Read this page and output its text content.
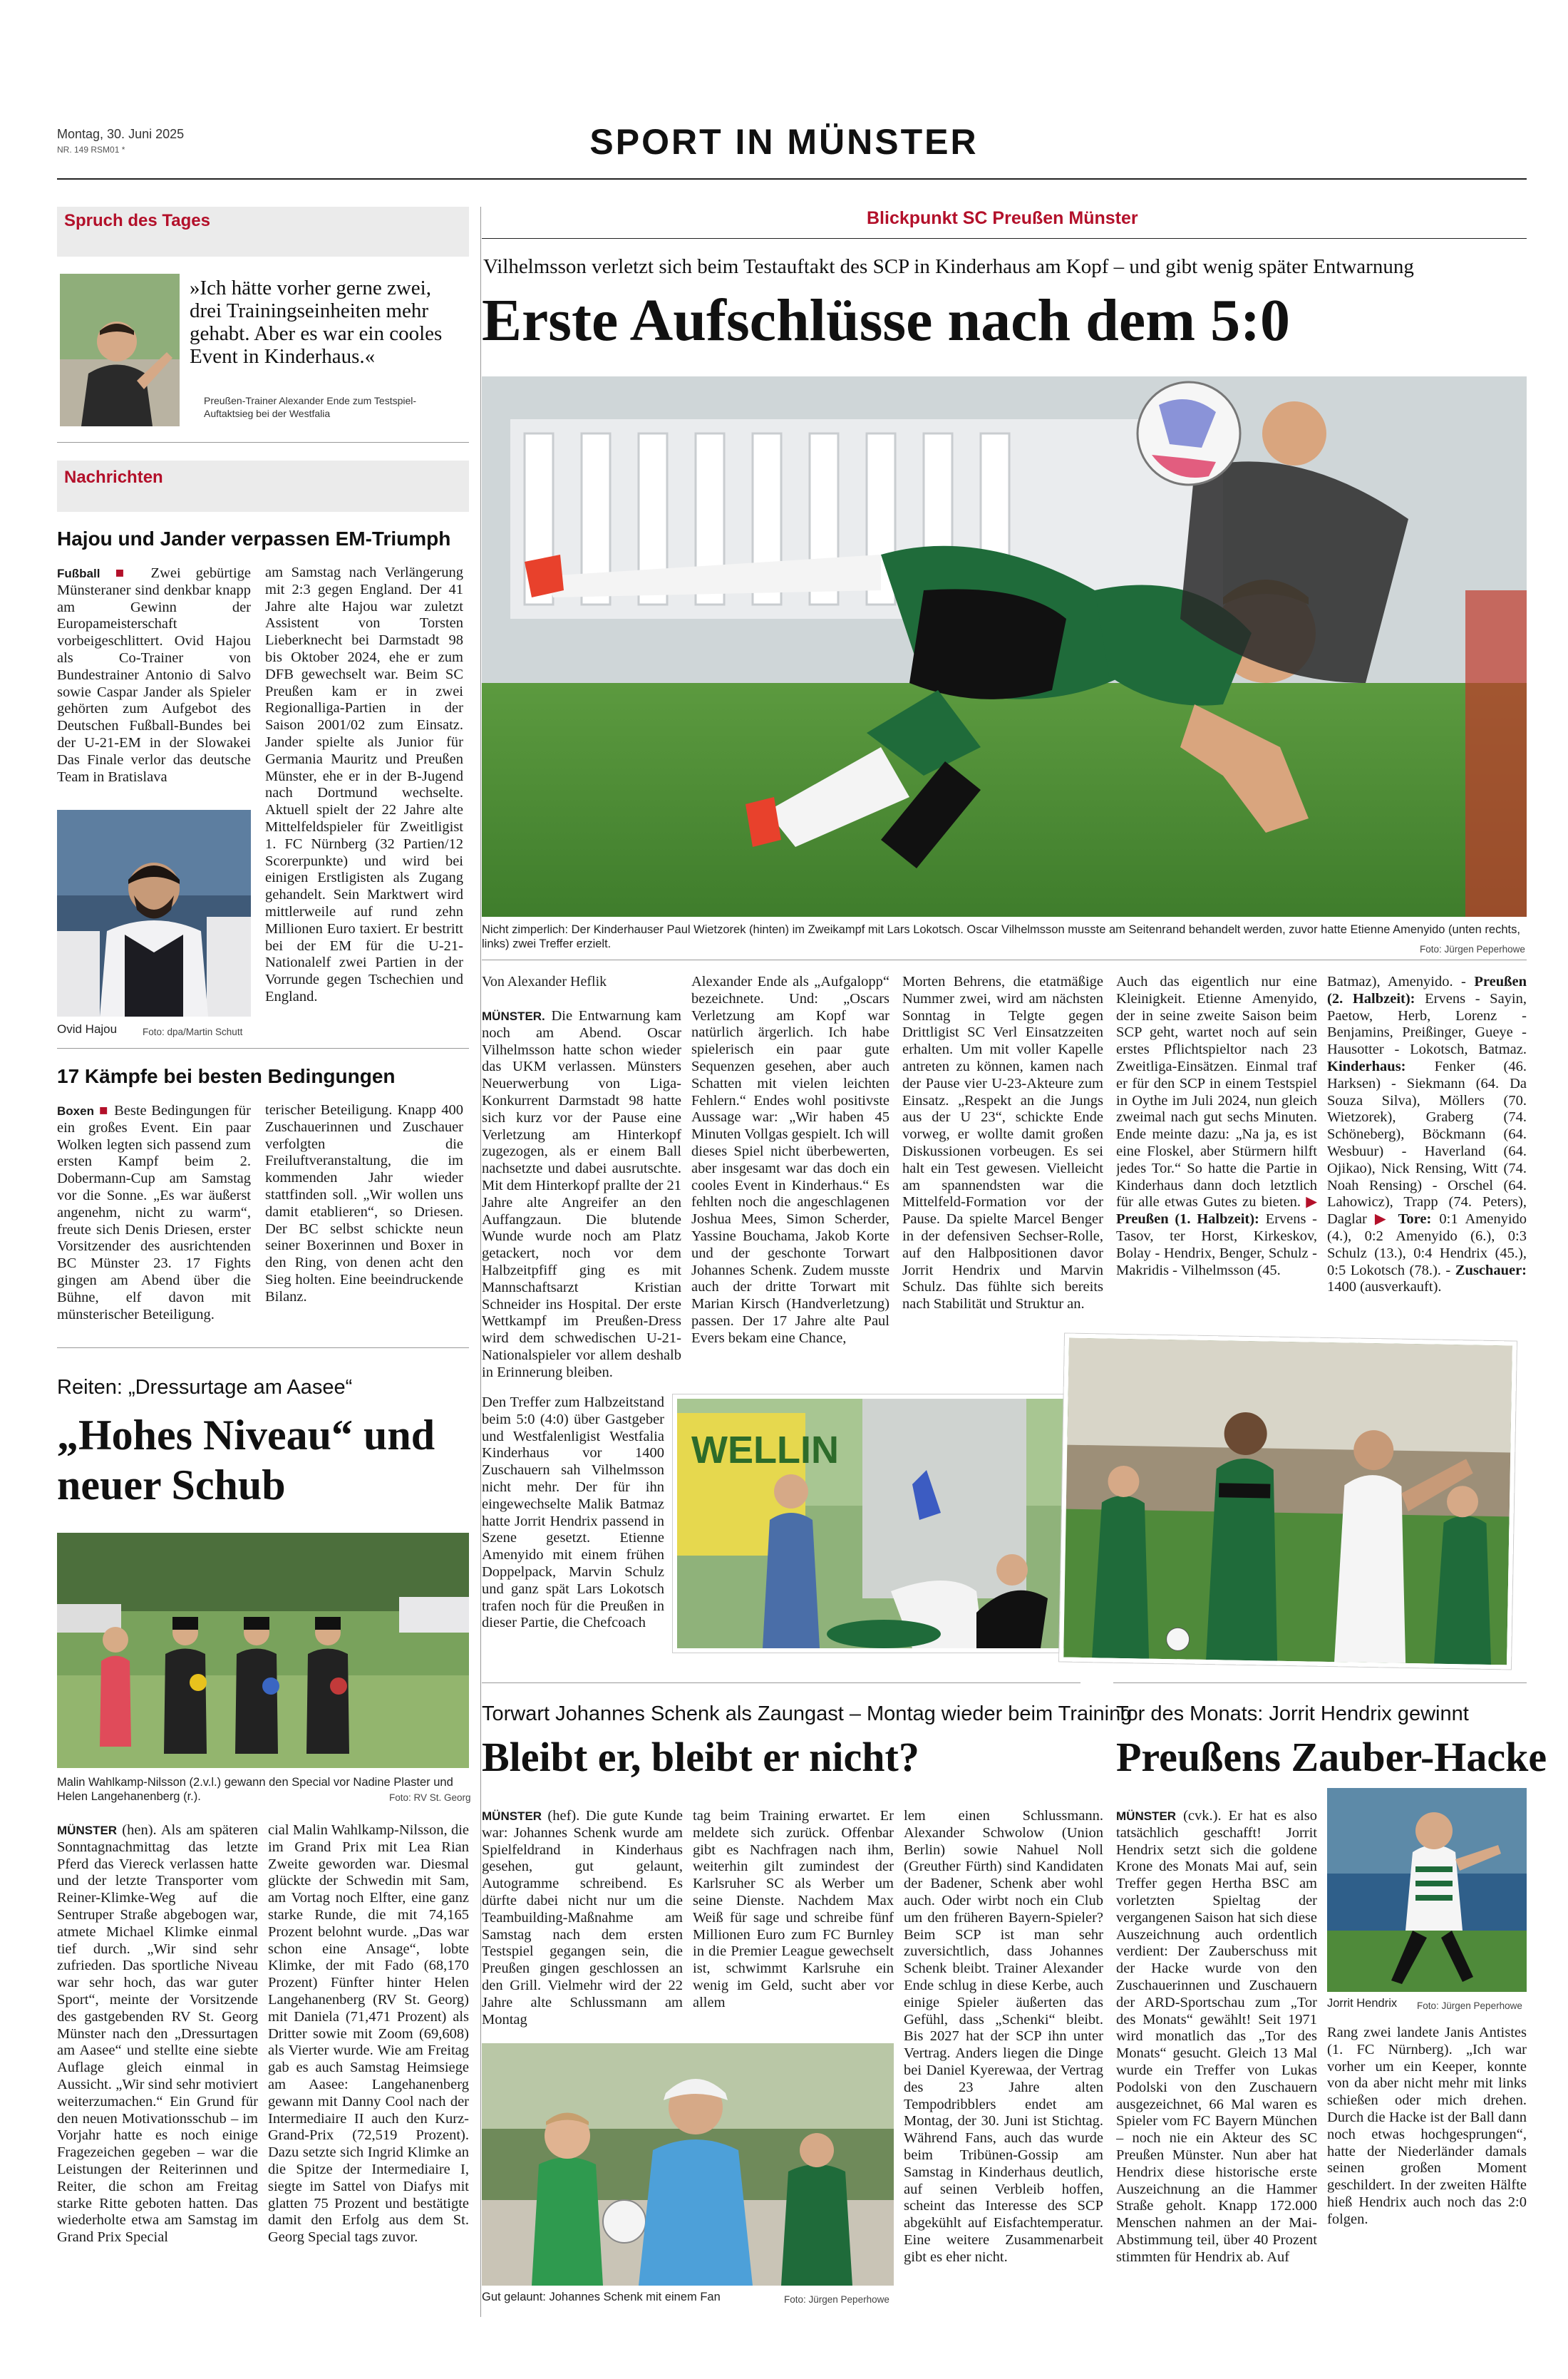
Montag, 30. Juni 2025
NR. 149 RSM01 *	SPORT IN MÜNSTER
Spruch des Tages
»Ich hätte vorher gerne zwei, drei Trainingseinheiten mehr gehabt. Aber es war ein cooles Event in Kinderhaus.«
Preußen-Trainer Alexander Ende zum Testspiel-Auftaktsieg bei der Westfalia
Nachrichten
Hajou und Jander verpassen EM-Triumph
Fußball ■ Zwei gebürtige Münsteraner sind denkbar knapp am Gewinn der Europameisterschaft vorbeigeschlittert. Ovid Hajou als Co-Trainer von Bundestrainer Antonio di Salvo sowie Caspar Jander als Spieler gehörten zum Aufgebot des Deutschen Fußball-Bundes bei der U-21-EM in der Slowakei Das Finale verlor das deutsche Team in Bratislava
Ovid Hajou	Foto: dpa/Martin Schutt
am Samstag nach Verlängerung mit 2:3 gegen England. Der 41 Jahre alte Hajou war zuletzt Assistent von Torsten Lieberknecht bei Darmstadt 98 bis Oktober 2024, ehe er zum DFB gewechselt war. Beim SC Preußen kam er in zwei Regionalliga-Partien in der Saison 2001/02 zum Einsatz. Jander spielte als Junior für Germania Mauritz und Preußen Münster, ehe er in der B-Jugend nach Dortmund wechselte. Aktuell spielt der 22 Jahre alte Mittelfeldspieler für Zweitligist 1. FC Nürnberg (32 Partien/12 Scorerpunkte) und wird bei einigen Erstligisten als Zugang gehandelt. Sein Marktwert wird mittlerweile auf rund zehn Millionen Euro taxiert. Er bestritt bei der EM für die U-21-Nationalelf zwei Partien in der Vorrunde gegen Tschechien und England.
17 Kämpfe bei besten Bedingungen
Boxen ■ Beste Bedingungen für ein großes Event. Ein paar Wolken legten sich passend zum ersten Kampf beim 2. Dobermann-Cup am Samstag vor die Sonne. „Es war äußerst angenehm, nicht zu warm“, freute sich Denis Driesen, erster Vorsitzender des ausrichtenden BC Münster 23. 17 Fights gingen am Abend über die Bühne, elf davon mit münsterischer Beteiligung.
terischer Beteiligung. Knapp 400 Zuschauerinnen und Zuschauer verfolgten die Freiluftveranstaltung, die im kommenden Jahr wieder stattfinden soll. „Wir wollen uns damit etablieren“, so Driesen. Der BC selbst schickte neun seiner Boxerinnen und Boxer in den Ring, von denen acht den Sieg holten. Eine beeindruckende Bilanz.
Reiten: „Dressurtage am Aasee“
„Hohes Niveau“ und neuer Schub
Malin Wahlkamp-Nilsson (2.v.l.) gewann den Special vor Nadine Plaster und Helen Langehanenberg (r.).	Foto: RV St. Georg
MÜNSTER (hen). Als am späteren Sonntagnachmittag das letzte Pferd das Viereck verlassen hatte und der letzte Transporter vom Reiner-Klimke-Weg auf die Sentruper Straße abgebogen war, atmete Michael Klimke einmal tief durch. „Wir sind sehr zufrieden. Das sportliche Niveau war sehr hoch, das war guter Sport“, meinte der Vorsitzende des gastgebenden RV St. Georg Münster nach den „Dressurtagen am Aasee“ und stellte eine siebte Auflage gleich einmal in Aussicht. „Wir sind sehr motiviert weiterzumachen.“ Ein Grund für den neuen Motivationsschub – im Vorjahr hatte es noch einige Fragezeichen gegeben – war die Leistungen der Reiterinnen und Reiter, die schon am Freitag starke Ritte geboten hatten. Das wiederholte etwa am Samstag im Grand Prix Special
cial Malin Wahlkamp-Nilsson, die im Grand Prix mit Lea Rian Zweite geworden war. Diesmal glückte der Schwedin mit Sam, am Vortag noch Elfter, eine ganz starke Runde, die mit 74,165 Prozent belohnt wurde. „Das war schon eine Ansage“, lobte Klimke, der mit Fado (68,170 Prozent) Fünfter hinter Helen Langehanenberg (RV St. Georg) mit Daniela (71,471 Prozent) als Dritter sowie mit Zoom (69,608) als Vierter wurde. Wie am Freitag gab es auch Samstag Heimsiege am Aasee: Langehanenberg gewann mit Danny Cool nach der Intermediaire II auch den Kurz-Grand-Prix (72,519 Prozent). Dazu setzte sich Ingrid Klimke an die Spitze der Intermediaire I, siegte im Sattel von Diafys mit glatten 75 Prozent und bestätigte damit den Erfolg aus dem St. Georg Special tags zuvor.
Blickpunkt SC Preußen Münster
Vilhelmsson verletzt sich beim Testauftakt des SCP in Kinderhaus am Kopf – und gibt wenig später Entwarnung
Erste Aufschlüsse nach dem 5:0
Nicht zimperlich: Der Kinderhauser Paul Wietzorek (hinten) im Zweikampf mit Lars Lokotsch. Oscar Vilhelmsson musste am Seitenrand behandelt werden, zuvor hatte Etienne Amenyido (unten rechts, links) zwei Treffer erzielt.	Foto: Jürgen Peperhowe
Von Alexander Heflik
MÜNSTER. Die Entwarnung kam noch am Abend. Oscar Vilhelmsson hatte schon wieder das UKM verlassen. Münsters Neuerwerbung von Liga-Konkurrent Darmstadt 98 hatte sich kurz vor der Pause eine Verletzung am Hinterkopf zugezogen, als er einem Ball nachsetzte und dabei ausrutschte. Mit dem Hinterkopf prallte der 21 Jahre alte Angreifer an den Auffangzaun. Die blutende Wunde wurde noch am Platz getackert, noch vor dem Halbzeitpfiff ging es mit Mannschaftsarzt Kristian Schneider ins Hospital. Der erste Wettkampf im Preußen-Dress wird dem schwedischen U-21-Nationalspieler vor allem deshalb in Erinnerung bleiben.
Alexander Ende als „Aufgalopp“ bezeichnete. Und: „Oscars Verletzung am Kopf war natürlich ärgerlich. Ich habe spielerisch ein paar gute Sequenzen gesehen, aber auch Schatten mit vielen leichten Fehlern.“ Endes wohl positivste Aussage war: „Wir haben 45 Minuten Vollgas gespielt. Ich will dieses Spiel nicht überbewerten, aber insgesamt war das doch ein cooles Event in Kinderhaus.“ Es fehlten noch die angeschlagenen Joshua Mees, Simon Scherder, Yassine Bouchama, Jakob Korte und der geschonte Torwart Johannes Schenk. Zudem musste auch der dritte Torwart mit Marian Kirsch (Handverletzung) passen. Der 17 Jahre alte Paul Evers bekam eine Chance,
Morten Behrens, die etatmäßige Nummer zwei, wird am nächsten Sonntag in Telgte gegen Drittligist SC Verl Einsatzzeiten erhalten. Um mit voller Kapelle antreten zu können, kamen nach der Pause vier U-23-Akteure zum Einsatz. „Respekt an die Jungs aus der U 23“, schickte Ende vorweg, er wollte damit großen Diskussionen vorbeugen. Es sei halt ein Test gewesen. Vielleicht am spannendsten war die Mittelfeld-Formation vor der Pause. Da spielte Marcel Benger in der defensiven Sechser-Rolle, auf den Halbpositionen davor Jorrit Hendrix und Marvin Schulz. Das fühlte sich bereits nach Stabilität und Struktur an.
Auch das eigentlich nur eine Kleinigkeit. Etienne Amenyido, der in seine zweite Saison beim SCP geht, wartet noch auf sein erstes Pflichtspieltor nach 23 Zweitliga-Einsätzen. Einmal traf er für den SCP in einem Testspiel in Oythe im Juli 2024, nun gleich zweimal nach gut sechs Minuten. Ende meinte dazu: „Na ja, es ist eine Floskel, aber Stürmern hilft jedes Tor.“ So hatte die Partie in Kinderhaus dann doch letztlich für alle etwas Gutes zu bieten. ▶ Preußen (1. Halbzeit): Ervens - Tasov, ter Horst, Kirkeskov, Bolay - Hendrix, Benger, Schulz - Makridis - Vilhelmsson (45.
Batmaz), Amenyido. - Preußen (2. Halbzeit): Ervens - Sayin, Paetow, Herb, Lorenz - Benjamins, Preißinger, Gueye - Hausotter - Lokotsch, Batmaz. Kinderhaus: Fenker (46. Harksen) - Siekmann (64. Da Souza Silva), Möllers (70. Wietzorek), Graberg (74. Schöneberg), Böckmann (64. Wesbuur) - Haverland (64. Ojikao), Nick Rensing, Witt (74. Noah Rensing) - Orschel (64. Lahowicz), Trapp (74. Peters), Daglar ▶ Tore: 0:1 Amenyido (4.), 0:2 Amenyido (6.), 0:3 Schulz (13.), 0:4 Hendrix (45.), 0:5 Lokotsch (78.). - Zuschauer: 1400 (ausverkauft).
Den Treffer zum Halbzeitstand beim 5:0 (4:0) über Gastgeber und Westfalenligist Westfalia Kinderhaus vor 1400 Zuschauern sah Vilhelmsson nicht mehr. Der für ihn eingewechselte Malik Batmaz hatte Jorrit Hendrix passend in Szene gesetzt. Etienne Amenyido mit einem frühen Doppelpack, Marvin Schulz und ganz spät Lars Lokotsch trafen noch für die Preußen in dieser Partie, die Chefcoach
WELLIN
Torwart Johannes Schenk als Zaungast – Montag wieder beim Training
Bleibt er, bleibt er nicht?
MÜNSTER (hef). Die gute Kunde war: Johannes Schenk wurde am Spielfeldrand in Kinderhaus gesehen, gut gelaunt, Autogramme schreibend. Es dürfte dabei nicht nur um die Teambuilding-Maßnahme am Samstag nach dem ersten Testspiel gegangen sein, die Preußen gingen geschlossen an den Grill. Vielmehr wird der 22 Jahre alte Schlussmann am Montag
tag beim Training erwartet. Er meldete sich zurück. Offenbar gibt es Nachfragen nach ihm, weiterhin gilt zumindest der Karlsruher SC als Werber um seine Dienste. Nachdem Max Weiß für sage und schreibe fünf Millionen Euro zum FC Burnley in die Premier League gewechselt ist, schwimmt Karlsruhe ein wenig im Geld, sucht aber vor allem
lem einen Schlussmann. Alexander Schwolow (Union Berlin) sowie Nahuel Noll (Greuther Fürth) sind Kandidaten der Badener, Schenk aber wohl auch. Oder wirbt noch ein Club um den früheren Bayern-Spieler? Beim SCP ist man sehr zuversichtlich, dass Johannes Schenk bleibt. Trainer Alexander Ende schlug in diese Kerbe, auch einige Spieler äußerten das Gefühl, dass „Schenki“ bleibt. Bis 2027 hat der SCP ihn unter Vertrag. Anders liegen die Dinge bei Daniel Kyerewaa, der Vertrag des 23 Jahre alten Tempodribblers endet am Montag, der 30. Juni ist Stichtag. Während Fans, auch das wurde beim Tribünen-Gossip am Samstag in Kinderhaus deutlich, auf seinen Verbleib hoffen, scheint das Interesse des SCP abgekühlt auf Eisfachtemperatur. Eine weitere Zusammenarbeit gibt es eher nicht.
Gut gelaunt: Johannes Schenk mit einem Fan	Foto: Jürgen Peperhowe
Tor des Monats: Jorrit Hendrix gewinnt
Preußens Zauber-Hacke
MÜNSTER (cvk.). Er hat es also tatsächlich geschafft! Jorrit Hendrix setzt sich die goldene Krone des Monats Mai auf, sein Treffer gegen Hertha BSC am vorletzten Spieltag der vergangenen Saison hat sich diese Auszeichnung auch ordentlich verdient: Der Zauberschuss mit der Hacke wurde von den Zuschauerinnen und Zuschauern der ARD-Sportschau zum „Tor des Monats“ gewählt! Seit 1971 wird monatlich das „Tor des Monats“ gesucht. Gleich 13 Mal wurde ein Treffer von Lukas Podolski von den Zuschauern ausgezeichnet, 66 Mal waren es Spieler vom FC Bayern München – noch nie ein Akteur des SC Preußen Münster. Nun aber hat Hendrix diese historische erste Auszeichnung an die Hammer Straße geholt. Knapp 172.000 Menschen nahmen an der Mai-Abstimmung teil, über 40 Prozent stimmten für Hendrix ab. Auf
Jorrit Hendrix Foto: Jürgen Peperhowe
Rang zwei landete Janis Antistes (1. FC Nürnberg). „Ich war vorher um ein Keeper, konnte von da aber nicht mehr mit links schießen oder mich drehen. Durch die Hacke ist der Ball dann noch etwas hochgesprungen“, hatte der Niederländer damals seinen großen Moment geschildert. In der zweiten Hälfte hieß Hendrix auch noch das 2:0 folgen.
